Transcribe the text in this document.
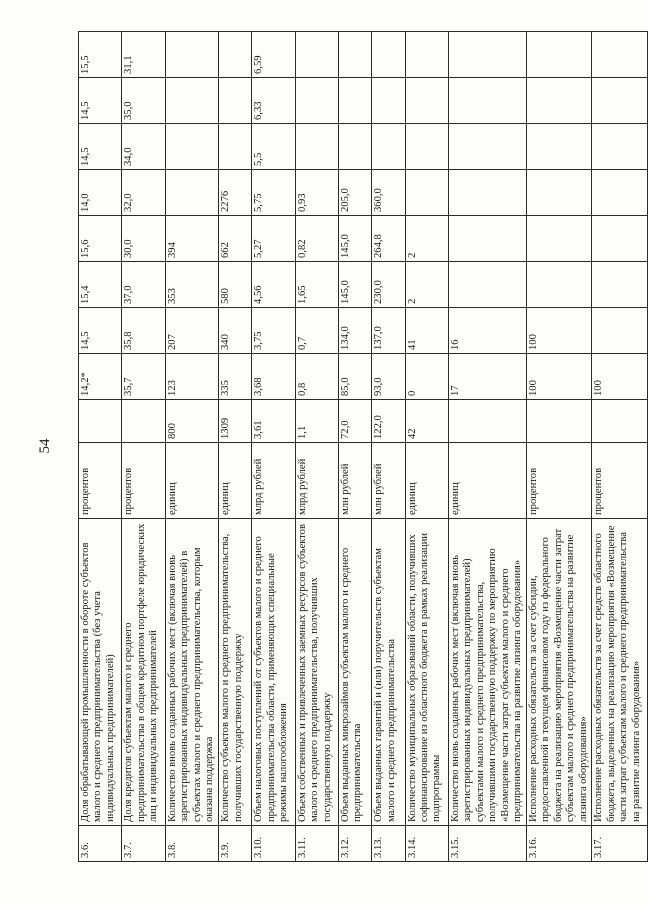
54
3.6.	Доля обрабатывающей промышленности в обороте субъектов малого и среднего предпринимательства (без учета индивидуальных предпринимателей)	процентов		14,2*	14,5	15,4	15,6	14,0	14,5	14,5	15,5
3.7.	Доля кредитов субъектам малого и среднего предпринимательства в общем кредитном портфеле юридических лиц и индивидуальных предпринимателей	процентов		35,7	35,8	37,0	30,0	32,0	34,0	35,0	31,1
3.8.	Количество вновь созданных рабочих мест (включая вновь зарегистрированных индивидуальных предпринимателей) в субъектах малого и среднего предпринимательства, которым оказана поддержка	единиц	800	123	207	353	394				
3.9.	Количество субъектов малого и среднего предпринимательства, получивших государственную поддержку	единиц	1309	335	340	580	662	2276			
3.10.	Объем налоговых поступлений от субъектов малого и среднего предпринимательства области, применяющих специальные режимы налогообложения	млрд рублей	3,61	3,68	3,75	4,56	5,27	5,75	5,5	6,33	6,59
3.11.	Объем собственных и привлеченных заемных ресурсов субъектов малого и среднего предпринимательства, получивших государственную поддержку	млрд рублей	1,1	0,8	0,7	1,65	0,82	0,93			
3.12.	Объем выданных микрозаймов субъектам малого и среднего предпринимательства	млн рублей	72,0	85,0	134,0	145,0	145,0	205,0			
3.13.	Объем выданных гарантий и (или) поручительств субъектам малого и среднего предпринимательства	млн рублей	122,0	93,0	137,0	230,0	264,8	360,0			
3.14.	Количество муниципальных образований области, получивших софинансирование из областного бюджета в рамках реализации подпрограммы	единиц	42	0	41	2	2				
3.15.	Количество вновь созданных рабочих мест (включая вновь зарегистрированных индивидуальных предпринимателей) субъектами малого и среднего предпринимательства, получившими государственную поддержку по мероприятию «Возмещение части затрат субъектам малого и среднего предпринимательства на развитие лизинга оборудования»	единиц		17	16						
3.16.	Исполнение расходных обязательств за счет субсидии, предоставленной в текущем финансовом году из федерального бюджета на реализацию мероприятия «Возмещение части затрат субъектам малого и среднего предпринимательства на развитие лизинга оборудования»	процентов		100	100						
3.17.	Исполнение расходных обязательств за счет средств областного бюджета, выделенных на реализацию мероприятия «Возмещение части затрат субъектам малого и среднего предпринимательства на развитие лизинга оборудования»	процентов		100							
